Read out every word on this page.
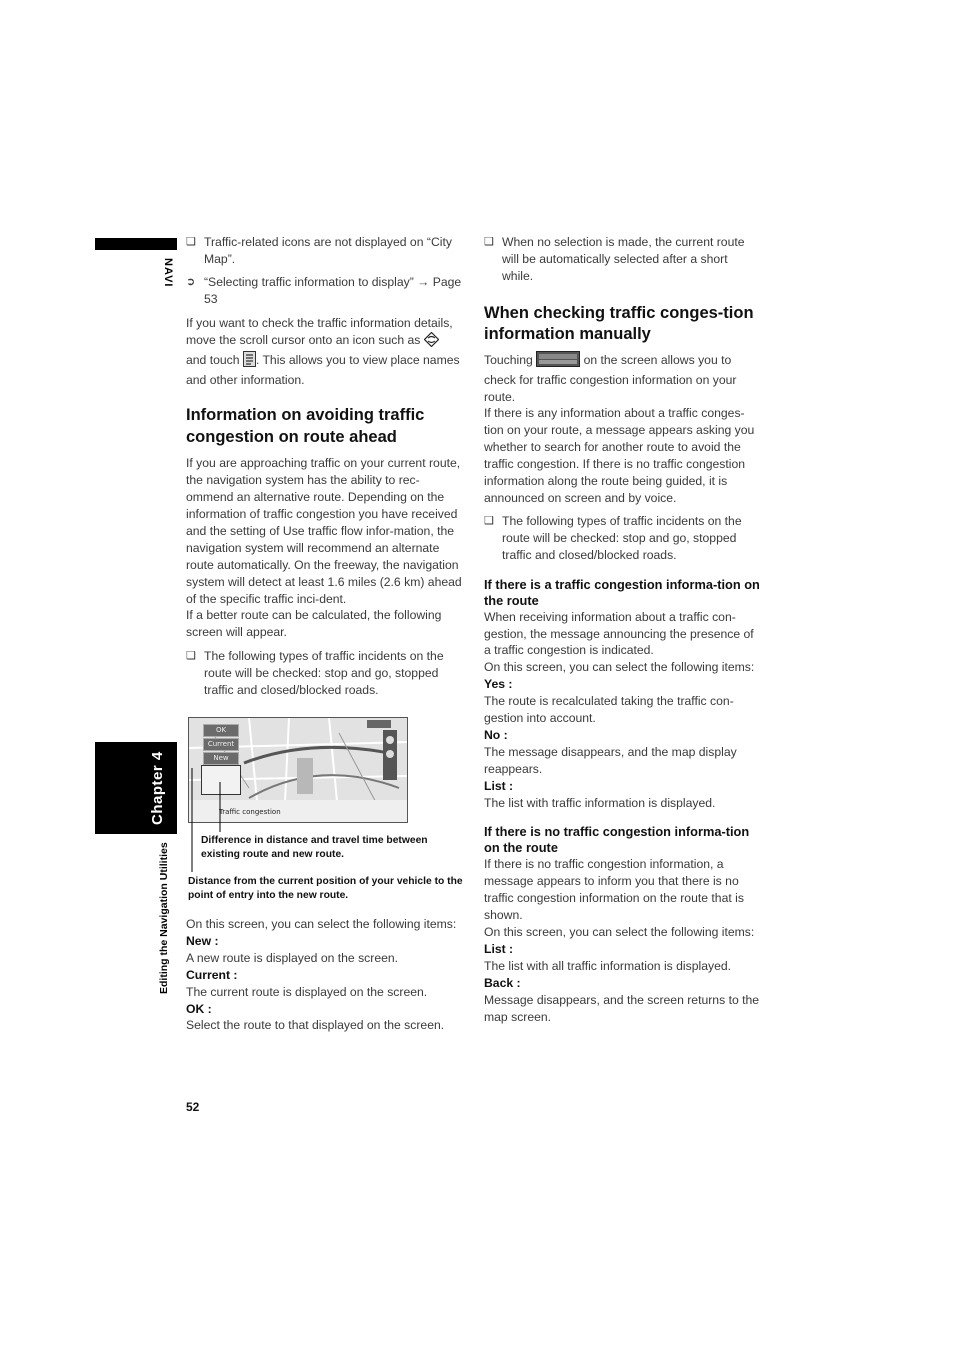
NAVI
Chapter 4
Editing the Navigation Utilities

❑ Traffic-related icons are not displayed on “City Map”.

➲ “Selecting traffic information to display” → Page 53

If you want to check the traffic information details, move the scroll cursor onto an icon such as  and touch . This allows you to view place names and other information.

Information on avoiding traffic congestion on route ahead

If you are approaching traffic on your current route, the navigation system has the ability to rec-ommend an alternative route. Depending on the information of traffic congestion you have received and the setting of Use traffic flow infor-mation, the navigation system will recommend an alternate route automatically. On the freeway, the navigation system will detect at least 1.6 miles (2.6 km) ahead of the specific traffic inci-dent.

If a better route can be calculated, the following screen will appear.

❑ The following types of traffic incidents on the route will be checked: stop and go, stopped traffic and closed/blocked roads.

OK
Current
New
Traffic congestion
Difference in distance and travel time between existing route and new route.
Distance from the current position of your vehicle to the point of entry into the new route.

On this screen, you can select the following items:

New :

A new route is displayed on the screen.

Current :

The current route is displayed on the screen.

OK :

Select the route to that displayed on the screen.

❑ When no selection is made, the current route will be automatically selected after a short while.

When checking traffic conges-tion information manually

Touching	on the screen allows you to check for traffic congestion information on your route.

If there is any information about a traffic conges-tion on your route, a message appears asking you whether to search for another route to avoid the traffic congestion. If there is no traffic congestion information along the route being guided, it is announced on screen and by voice.

❑ The following types of traffic incidents on the route will be checked: stop and go, stopped traffic and closed/blocked roads.

If there is a traffic congestion informa-tion on the route

When receiving information about a traffic con-gestion, the message announcing the presence of a traffic congestion is indicated.

On this screen, you can select the following items:

Yes :

The route is recalculated taking the traffic con-gestion into account.

No :

The message disappears, and the map display reappears.

List :

The list with traffic information is displayed.

If there is no traffic congestion informa-tion on the route

If there is no traffic congestion information, a message appears to inform you that there is no traffic congestion information on the route that is shown.

On this screen, you can select the following items:

List :

The list with all traffic information is displayed.

Back :

Message disappears, and the screen returns to the map screen.

52
